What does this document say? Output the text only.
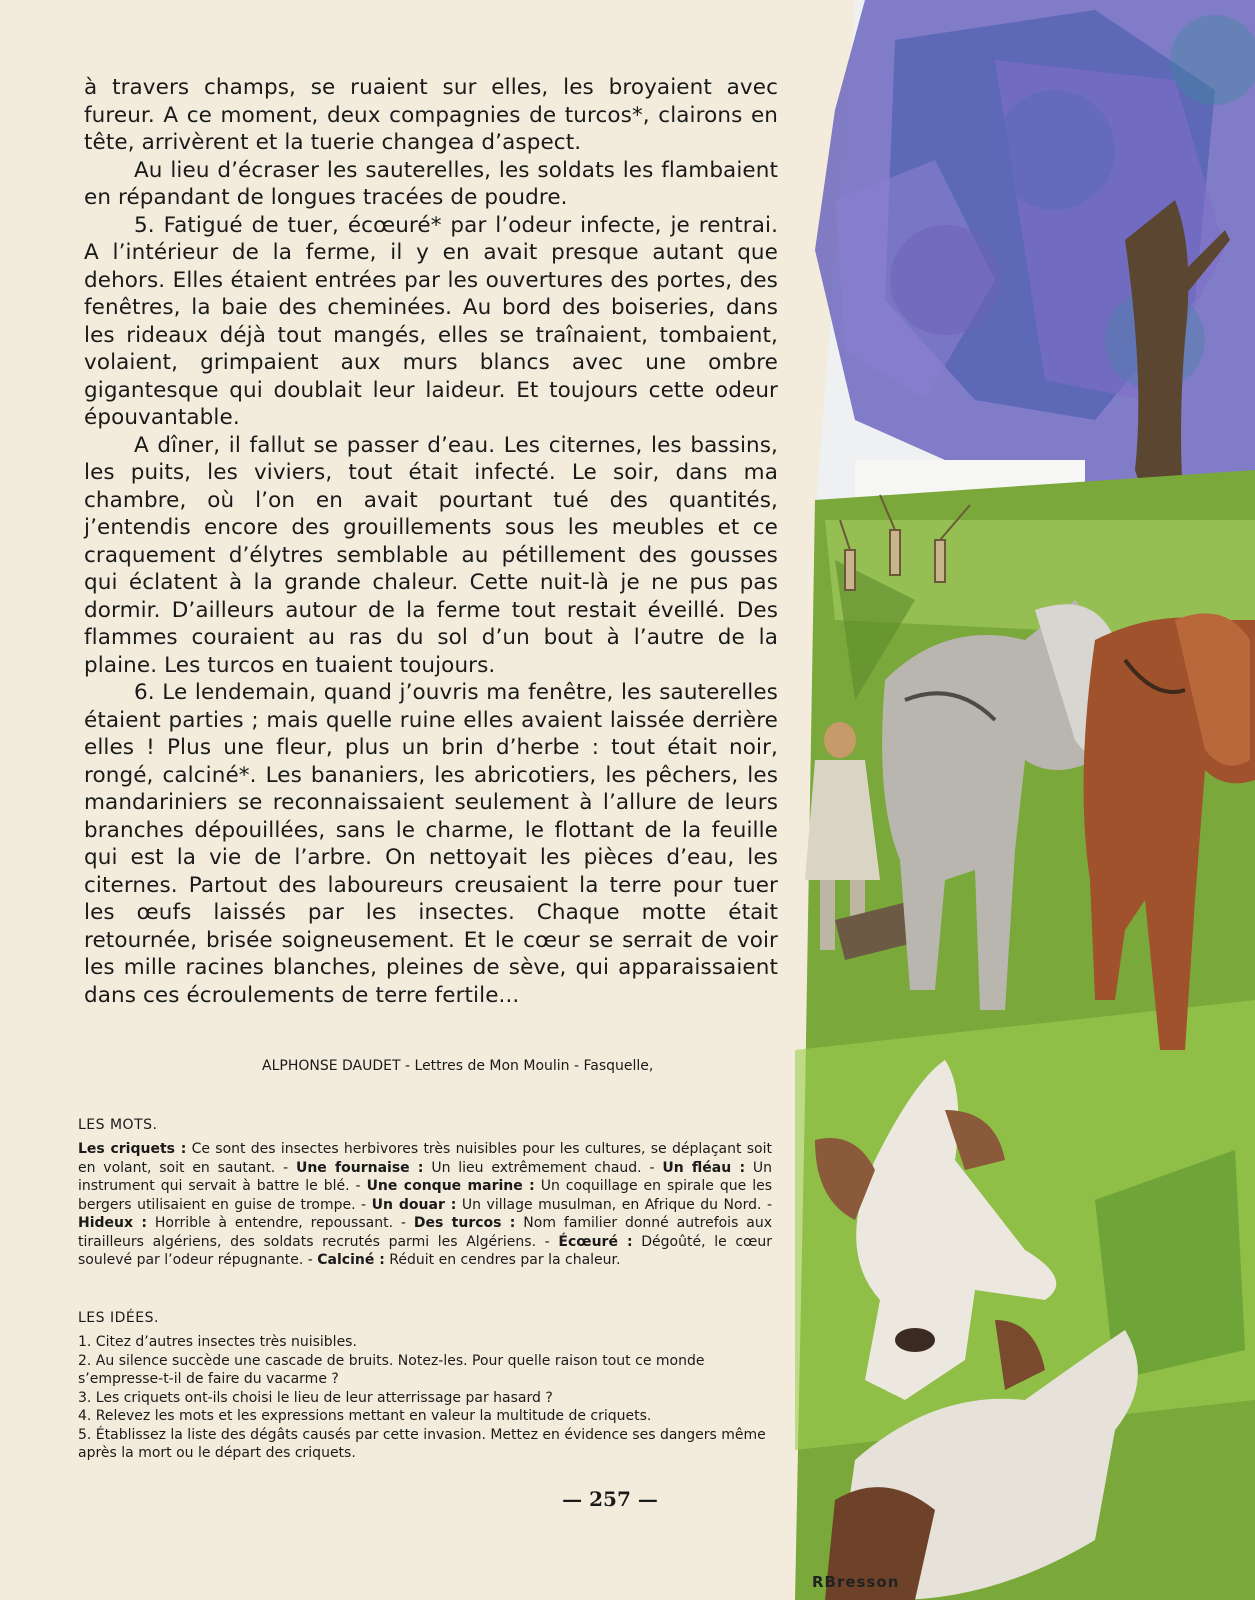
à travers champs, se ruaient sur elles, les broyaient avec fureur. A ce moment, deux compagnies de turcos*, clairons en tête, arrivèrent et la tuerie changea d’aspect.

Au lieu d’écraser les sauterelles, les soldats les flambaient en répandant de longues tracées de poudre.

5. Fatigué de tuer, écœuré* par l’odeur infecte, je rentrai. A l’intérieur de la ferme, il y en avait presque autant que dehors. Elles étaient entrées par les ouvertures des portes, des fenêtres, la baie des cheminées. Au bord des boiseries, dans les rideaux déjà tout mangés, elles se traînaient, tombaient, volaient, grimpaient aux murs blancs avec une ombre gigantesque qui doublait leur laideur. Et toujours cette odeur épouvantable.

A dîner, il fallut se passer d’eau. Les citernes, les bassins, les puits, les viviers, tout était infecté. Le soir, dans ma chambre, où l’on en avait pourtant tué des quantités, j’entendis encore des grouillements sous les meubles et ce craquement d’élytres semblable au pétillement des gousses qui éclatent à la grande chaleur. Cette nuit-là je ne pus pas dormir. D’ailleurs autour de la ferme tout restait éveillé. Des flammes couraient au ras du sol d’un bout à l’autre de la plaine. Les turcos en tuaient toujours.

6. Le lendemain, quand j’ouvris ma fenêtre, les sauterelles étaient parties ; mais quelle ruine elles avaient laissée derrière elles ! Plus une fleur, plus un brin d’herbe : tout était noir, rongé, calciné*. Les bananiers, les abricotiers, les pêchers, les mandariniers se reconnaissaient seulement à l’allure de leurs branches dépouillées, sans le charme, le flottant de la feuille qui est la vie de l’arbre. On nettoyait les pièces d’eau, les citernes. Partout des laboureurs creusaient la terre pour tuer les œufs laissés par les insectes. Chaque motte était retournée, brisée soigneusement. Et le cœur se serrait de voir les mille racines blanches, pleines de sève, qui apparaissaient dans ces écroulements de terre fertile...

ALPHONSE DAUDET - Lettres de Mon Moulin - Fasquelle,
LES MOTS.
Les criquets : Ce sont des insectes herbivores très nuisibles pour les cultures, se déplaçant soit en volant, soit en sautant. - Une fournaise : Un lieu extrêmement chaud. - Un fléau : Un instrument qui servait à battre le blé. - Une conque marine : Un coquillage en spirale que les bergers utilisaient en guise de trompe. - Un douar : Un village musulman, en Afrique du Nord. - Hideux : Horrible à entendre, repoussant. - Des turcos : Nom familier donné autrefois aux tirailleurs algériens, des soldats recrutés parmi les Algériens. - Écœuré : Dégoûté, le cœur soulevé par l’odeur répugnante. - Calciné : Réduit en cendres par la chaleur.
LES IDÉES.
1. Citez d’autres insectes très nuisibles.
2. Au silence succède une cascade de bruits. Notez-les. Pour quelle raison tout ce monde s’empresse-t-il de faire du vacarme ?
3. Les criquets ont-ils choisi le lieu de leur atterrissage par hasard ?
4. Relevez les mots et les expressions mettant en valeur la multitude de criquets.
5. Établissez la liste des dégâts causés par cette invasion. Mettez en évidence ses dangers même après la mort ou le départ des criquets.
— 257 —
RBresson
